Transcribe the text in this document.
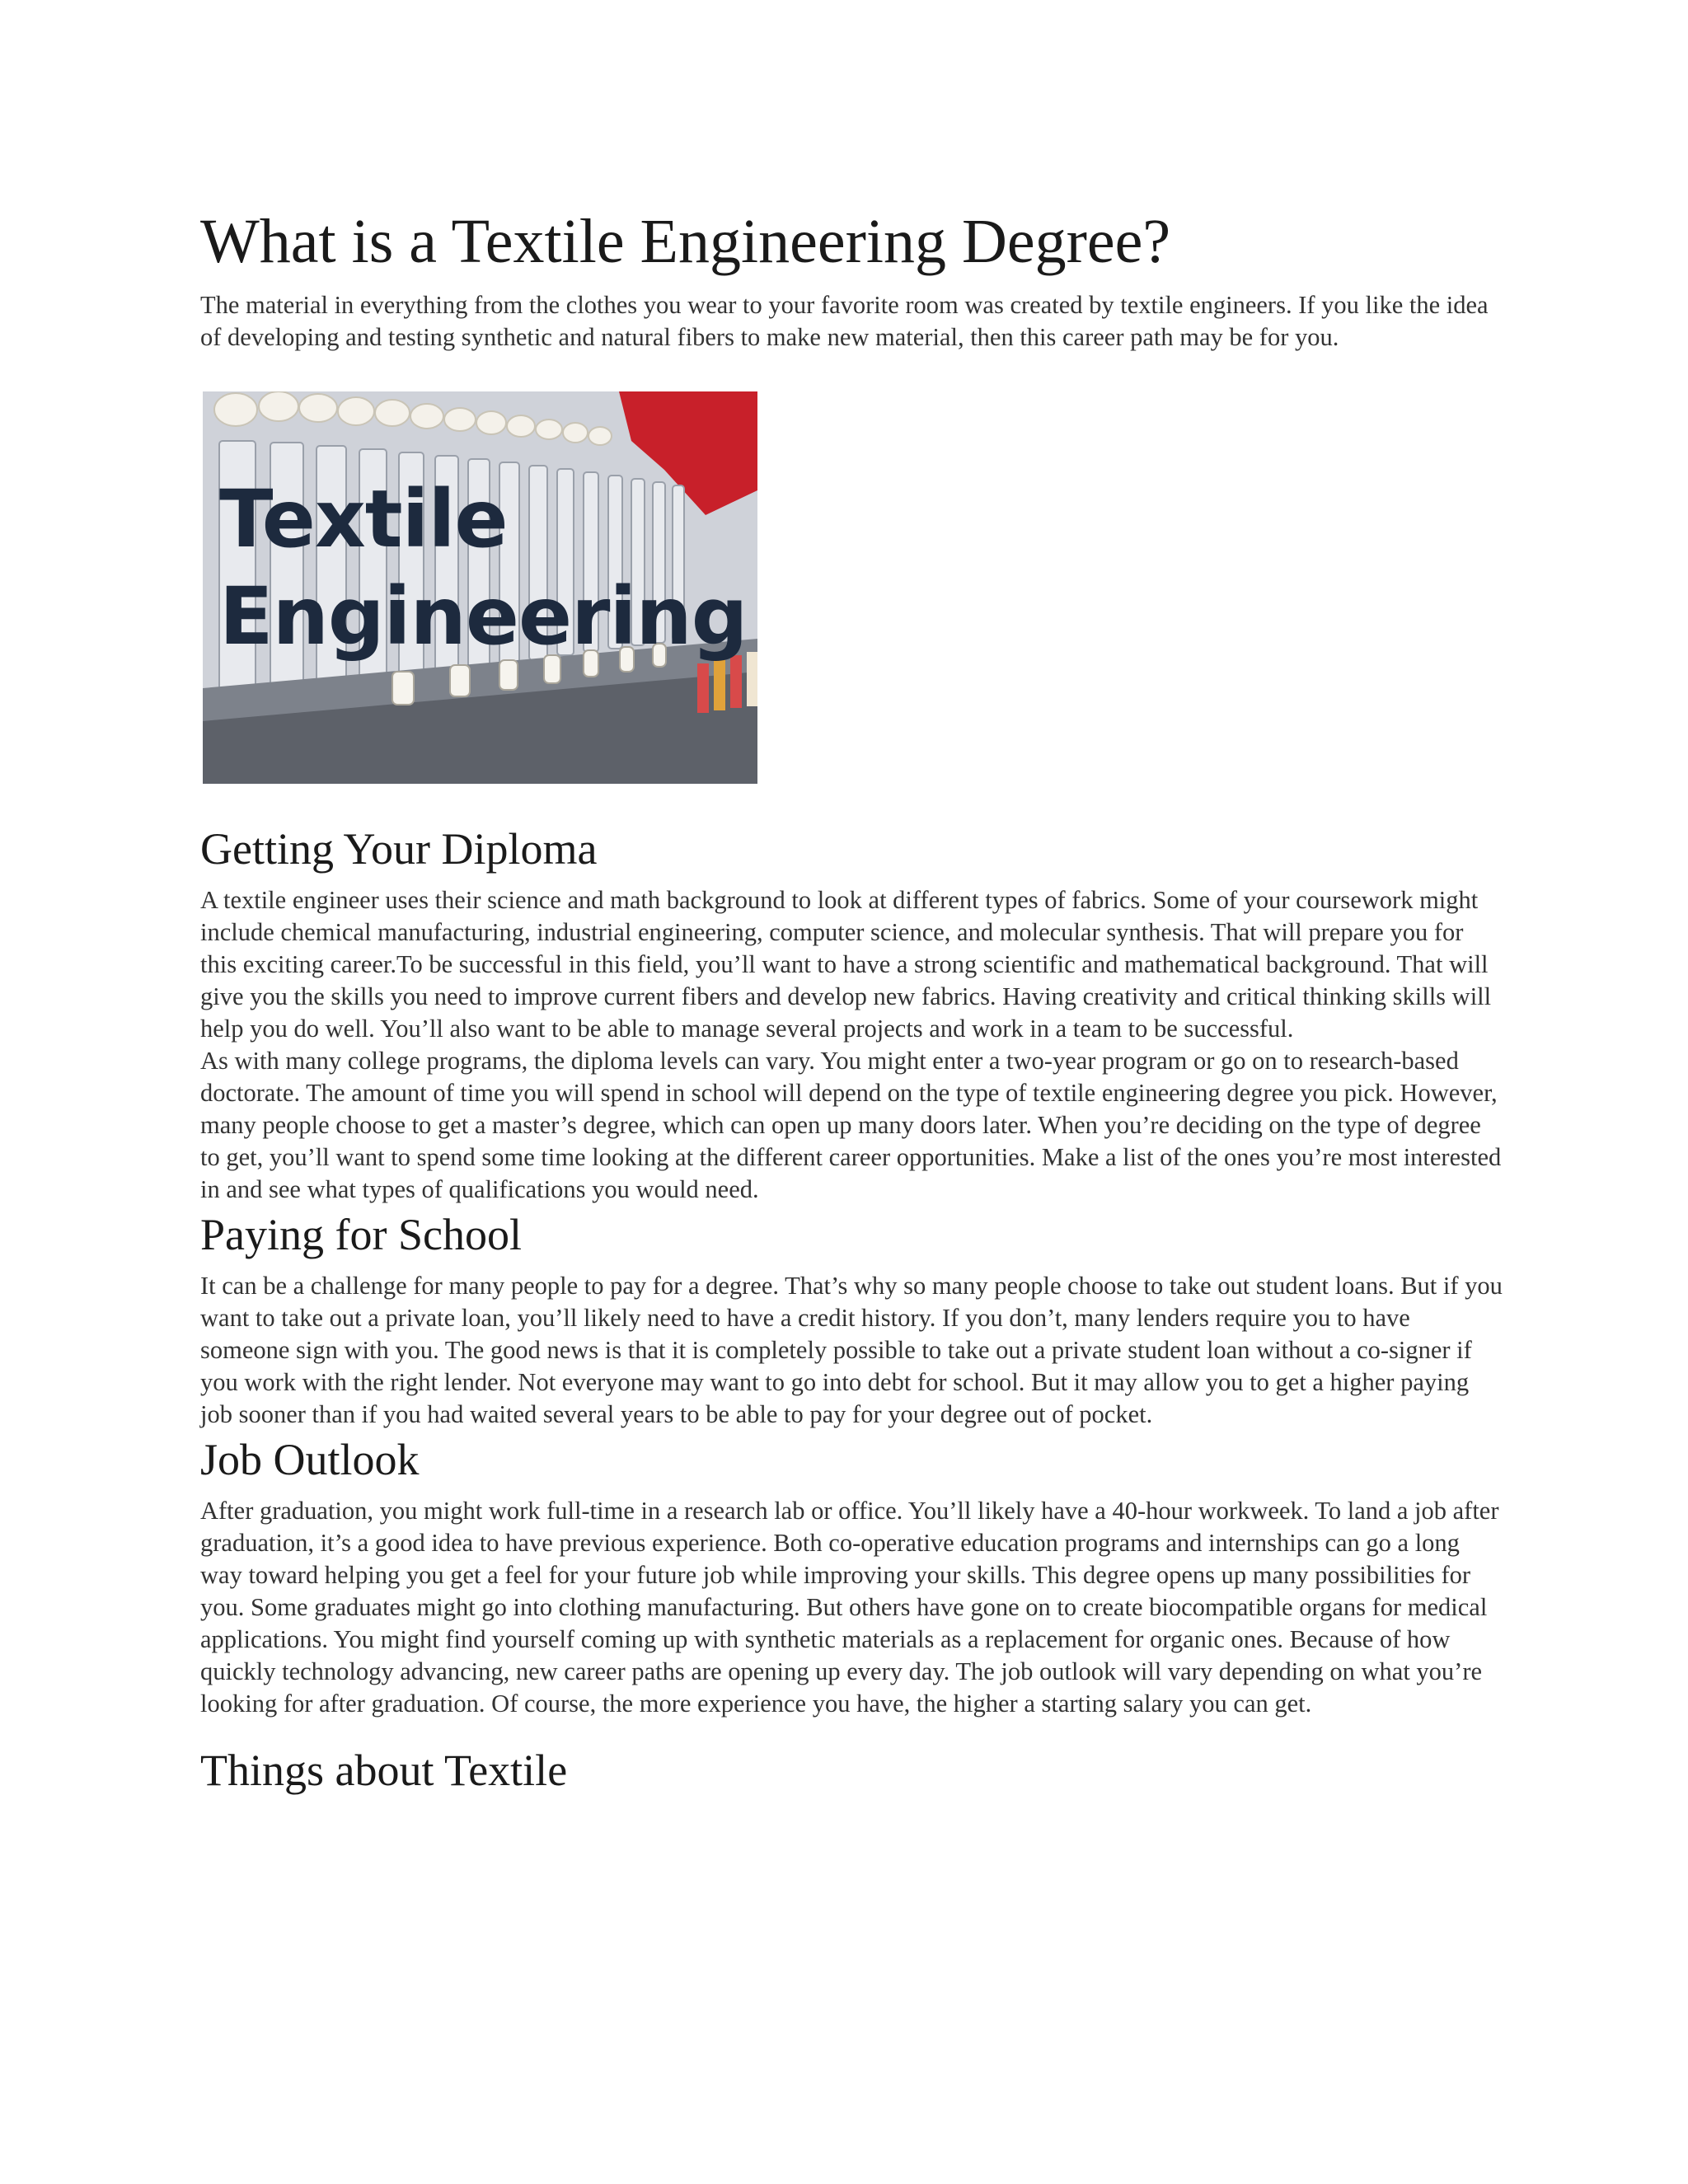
What is a Textile Engineering Degree?

The material in everything from the clothes you wear to your favorite room was created by textile engineers. If you like the idea of developing and testing synthetic and natural fibers to make new material, then this career path may be for you.

Textile
Engineering
Getting Your Diploma

A textile engineer uses their science and math background to look at different types of fabrics. Some of your coursework might include chemical manufacturing, industrial engineering, computer science, and molecular synthesis. That will prepare you for this exciting career.To be successful in this field, you’ll want to have a strong scientific and mathematical background. That will give you the skills you need to improve current fibers and develop new fabrics. Having creativity and critical thinking skills will help you do well. You’ll also want to be able to manage several projects and work in a team to be successful.

As with many college programs, the diploma levels can vary. You might enter a two-year program or go on to research-based doctorate. The amount of time you will spend in school will depend on the type of textile engineering degree you pick. However, many people choose to get a master’s degree, which can open up many doors later. When you’re deciding on the type of degree to get, you’ll want to spend some time looking at the different career opportunities. Make a list of the ones you’re most interested in and see what types of qualifications you would need.

Paying for School

It can be a challenge for many people to pay for a degree. That’s why so many people choose to take out student loans. But if you want to take out a private loan, you’ll likely need to have a credit history. If you don’t, many lenders require you to have someone sign with you. The good news is that it is completely possible to take out a private student loan without a co-signer if you work with the right lender. Not everyone may want to go into debt for school. But it may allow you to get a higher paying job sooner than if you had waited several years to be able to pay for your degree out of pocket.

Job Outlook

After graduation, you might work full-time in a research lab or office. You’ll likely have a 40-hour workweek. To land a job after graduation, it’s a good idea to have previous experience. Both co-operative education programs and internships can go a long way toward helping you get a feel for your future job while improving your skills. This degree opens up many possibilities for you. Some graduates might go into clothing manufacturing. But others have gone on to create biocompatible organs for medical applications. You might find yourself coming up with synthetic materials as a replacement for organic ones. Because of how quickly technology advancing, new career paths are opening up every day. The job outlook will vary depending on what you’re looking for after graduation. Of course, the more experience you have, the higher a starting salary you can get.

Things about Textile
